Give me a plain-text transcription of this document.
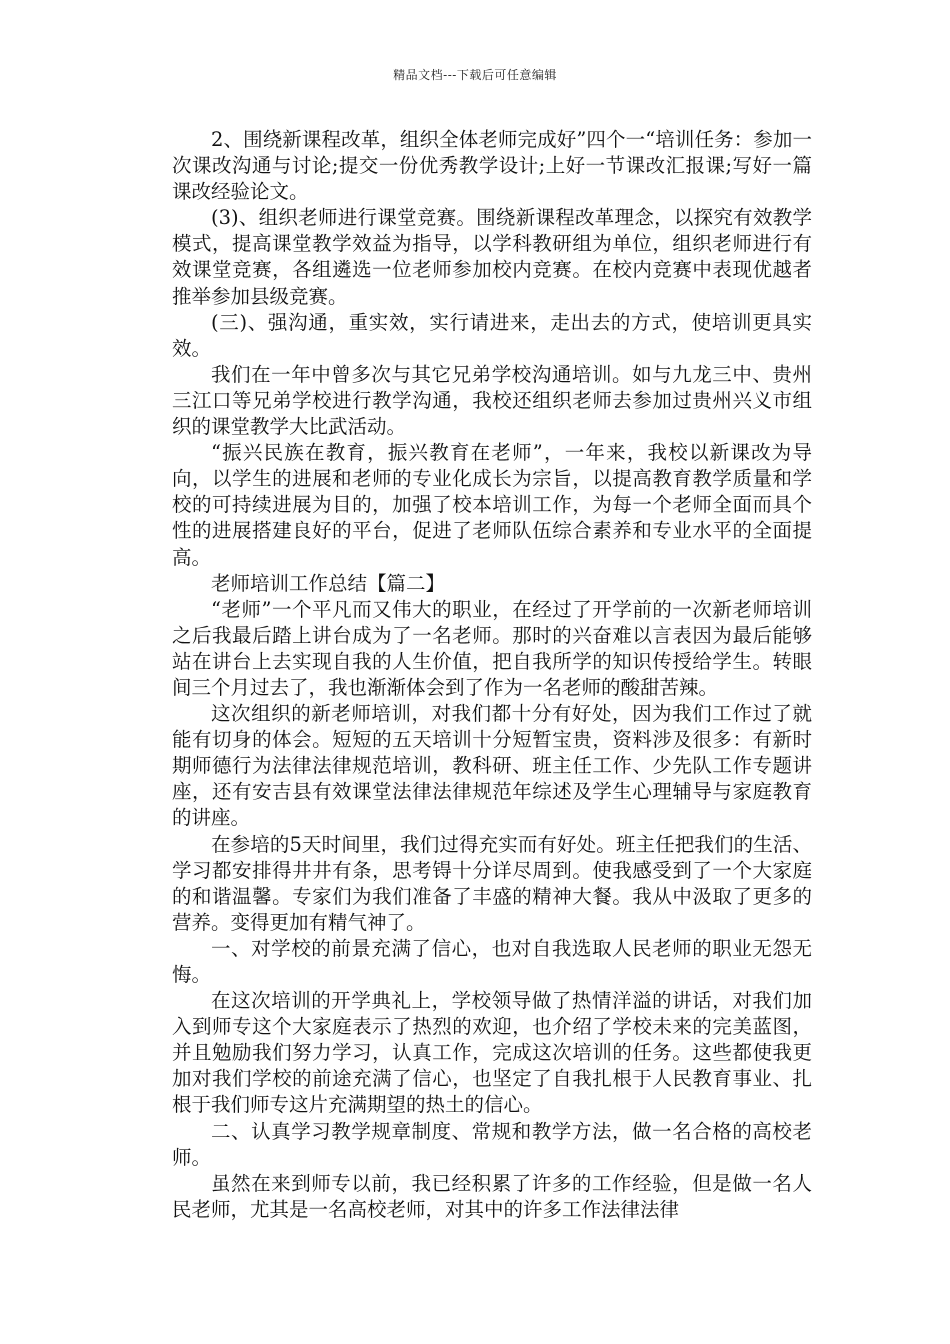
精品文档---下载后可任意编辑

2、围绕新课程改革，组织全体老师完成好”四个一“培训任务：参加一次课改沟通与讨论;提交一份优秀教学设计;上好一节课改汇报课;写好一篇课改经验论文。

(3)、组织老师进行课堂竞赛。围绕新课程改革理念，以探究有效教学模式，提高课堂教学效益为指导，以学科教研组为单位，组织老师进行有效课堂竞赛，各组遴选一位老师参加校内竞赛。在校内竞赛中表现优越者推举参加县级竞赛。

(三)、强沟通，重实效，实行请进来，走出去的方式，使培训更具实效。

我们在一年中曾多次与其它兄弟学校沟通培训。如与九龙三中、贵州三江口等兄弟学校进行教学沟通，我校还组织老师去参加过贵州兴义市组织的课堂教学大比武活动。

“振兴民族在教育，振兴教育在老师”，一年来，我校以新课改为导向，以学生的进展和老师的专业化成长为宗旨，以提高教育教学质量和学校的可持续进展为目的，加强了校本培训工作，为每一个老师全面而具个性的进展搭建良好的平台，促进了老师队伍综合素养和专业水平的全面提高。

老师培训工作总结【篇二】

“老师”一个平凡而又伟大的职业，在经过了开学前的一次新老师培训之后我最后踏上讲台成为了一名老师。那时的兴奋难以言表因为最后能够站在讲台上去实现自我的人生价值，把自我所学的知识传授给学生。转眼间三个月过去了，我也渐渐体会到了作为一名老师的酸甜苦辣。

这次组织的新老师培训，对我们都十分有好处，因为我们工作过了就能有切身的体会。短短的五天培训十分短暂宝贵，资料涉及很多：有新时期师德行为法律法律规范培训，教科研、班主任工作、少先队工作专题讲座，还有安吉县有效课堂法律法律规范年综述及学生心理辅导与家庭教育的讲座。

在参培的5天时间里，我们过得充实而有好处。班主任把我们的生活、学习都安排得井井有条，思考锝十分详尽周到。使我感受到了一个大家庭的和谐温馨。专家们为我们准备了丰盛的精神大餐。我从中汲取了更多的营养。变得更加有精气神了。

一、对学校的前景充满了信心，也对自我选取人民老师的职业无怨无悔。

在这次培训的开学典礼上，学校领导做了热情洋溢的讲话，对我们加入到师专这个大家庭表示了热烈的欢迎，也介绍了学校未来的完美蓝图，并且勉励我们努力学习，认真工作，完成这次培训的任务。这些都使我更加对我们学校的前途充满了信心，也坚定了自我扎根于人民教育事业、扎根于我们师专这片充满期望的热土的信心。

二、认真学习教学规章制度、常规和教学方法，做一名合格的高校老师。

虽然在来到师专以前，我已经积累了许多的工作经验，但是做一名人民老师，尤其是一名高校老师，对其中的许多工作法律法律
